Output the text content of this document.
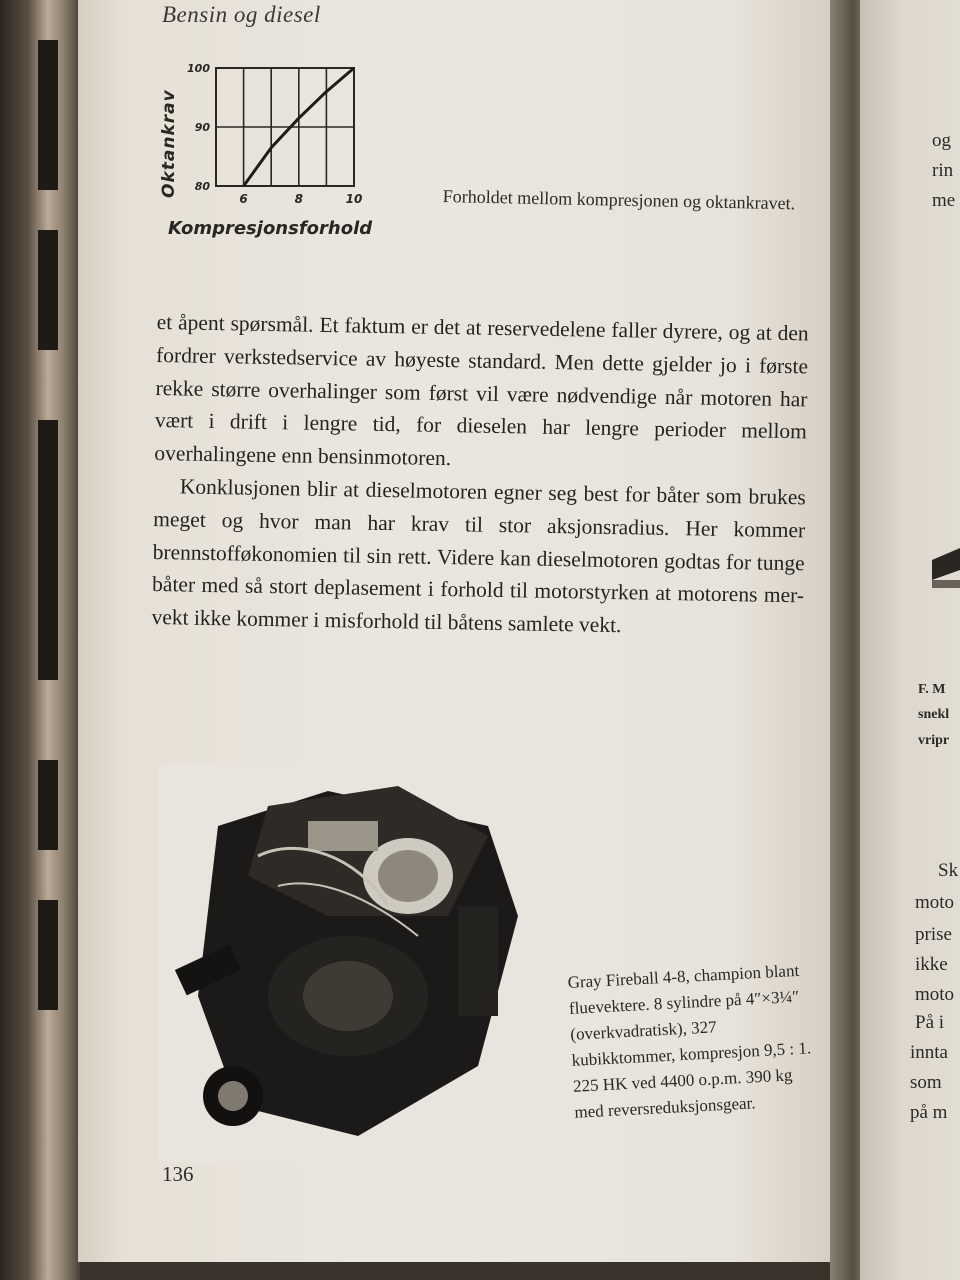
og
rin
me
F. M
snekl
vripr
Sk
moto
prise
ikke
moto
På i
innta
som
på m
Bensin og diesel
6	8	10
80
90
100
Oktankrav
Kompresjonsforhold
Forholdet mellom kompresjonen og oktankravet.

et åpent spørsmål. Et faktum er det at reservedelene faller dyrere, og at den fordrer verkstedservice av høyeste standard. Men dette gjelder jo i første rekke større overhalinger som først vil være nødvendige når motoren har vært i drift i lengre tid, for dieselen har lengre perioder mellom overhalingene enn bensinmotoren.

Konklusjonen blir at dieselmotoren egner seg best for båter som brukes meget og hvor man har krav til stor aksjonsradius. Her kommer brennstofføkonomien til sin rett. Videre kan dieselmotoren godtas for tunge båter med så stort deplasement i forhold til motorstyrken at motorens mer-vekt ikke kommer i misforhold til båtens samlete vekt.

Gray Fireball 4-8, champion blant fluevektere. 8 sylindre på 4″×3¼″ (overkvadratisk), 327 kubikktommer, kompresjon 9,5 : 1. 225 HK ved 4400 o.p.m. 390 kg med reversreduksjonsgear.
136
